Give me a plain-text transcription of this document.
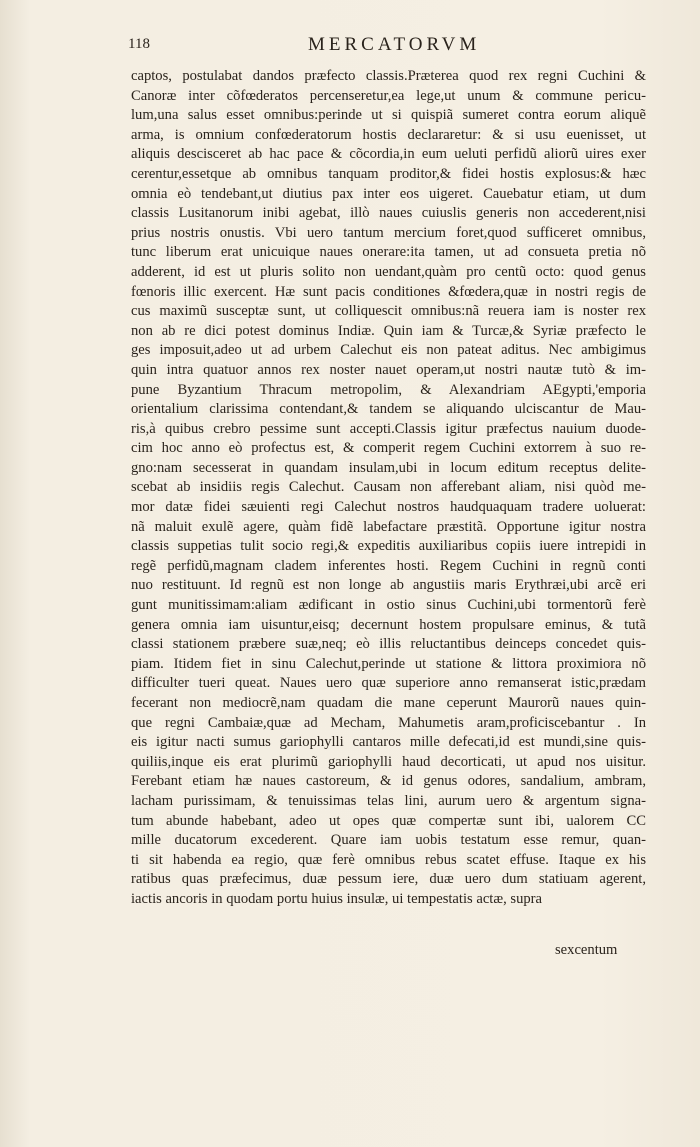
118	MERCATORVM
captos, postulabat dandos præfecto classis.Præterea quod rex regni Cuchini &
Canoræ inter cõfœderatos percenseretur,ea lege,ut unum & commune pericu-
lum,una salus esset omnibus:perinde ut si quispiã sumeret contra eorum aliquẽ
arma, is omnium confœderatorum hostis declararetur: & si usu euenisset, ut
aliquis descisceret ab hac pace & cõcordia,in eum ueluti perfidũ aliorũ uires exer
cerentur,essetque ab omnibus tanquam proditor,& fidei hostis explosus:& hæc
omnia eò tendebant,ut diutius pax inter eos uigeret. Cauebatur etiam, ut dum
classis Lusitanorum inibi agebat, illò naues cuiuslis generis non accederent,nisi
prius nostris onustis. Vbi uero tantum mercium foret,quod sufficeret omnibus,
tunc liberum erat unicuique naues onerare:ita tamen, ut ad consueta pretia nõ
adderent, id est ut pluris solito non uendant,quàm pro centũ octo: quod genus
fœnoris illic exercent. Hæ sunt pacis conditiones &fœdera,quæ in nostri regis de
cus maximũ susceptæ sunt, ut colliquescit omnibus:nã reuera iam is noster rex
non ab re dici potest dominus Indiæ. Quin iam & Turcæ,& Syriæ præfecto le
ges imposuit,adeo ut ad urbem Calechut eis non pateat aditus. Nec ambigimus
quin intra quatuor annos rex noster nauet operam,ut nostri nautæ tutò & im-
pune Byzantium Thracum metropolim, & Alexandriam AEgypti,'emporia
orientalium clarissima contendant,& tandem se aliquando ulciscantur de Mau-
ris,à quibus crebro pessime sunt accepti.Classis igitur præfectus nauium duode-
cim hoc anno eò profectus est, & comperit regem Cuchini extorrem à suo re-
gno:nam secesserat in quandam insulam,ubi in locum editum receptus delite-
scebat ab insidiis regis Calechut. Causam non afferebant aliam, nisi quòd me-
mor datæ fidei sæuienti regi Calechut nostros haudquaquam tradere uoluerat:
nã maluit exulẽ agere, quàm fidẽ labefactare præstitã. Opportune igitur nostra
classis suppetias tulit socio regi,& expeditis auxiliaribus copiis iuere intrepidi in
regẽ perfidũ,magnam cladem inferentes hosti. Regem Cuchini in regnũ conti
nuo restituunt. Id regnũ est non longe ab angustiis maris Erythræi,ubi arcẽ eri
gunt munitissimam:aliam ædificant in ostio sinus Cuchini,ubi tormentorũ ferè
genera omnia iam uisuntur,eisq; decernunt hostem propulsare eminus, & tutã
classi stationem præbere suæ,neq; eò illis reluctantibus deinceps concedet quis-
piam. Itidem fiet in sinu Calechut,perinde ut statione & littora proximiora nõ
difficulter tueri queat. Naues uero quæ superiore anno remanserat istic,prædam
fecerant non mediocrẽ,nam quadam die mane ceperunt Maurorũ naues quin-
que regni Cambaiæ,quæ ad Mecham, Mahumetis aram,proficiscebantur . In
eis igitur nacti sumus gariophylli cantaros mille defecati,id est mundi,sine quis-
quiliis,inque eis erat plurimũ gariophylli haud decorticati, ut apud nos uisitur.
Ferebant etiam hæ naues castoreum, & id genus odores, sandalium, ambram,
lacham purissimam, & tenuissimas telas lini, aurum uero & argentum signa-
tum abunde habebant, adeo ut opes quæ compertæ sunt ibi, ualorem CC
mille ducatorum excederent. Quare iam uobis testatum esse remur, quan-
ti sit habenda ea regio, quæ ferè omnibus rebus scatet effuse. Itaque ex his
ratibus quas præfecimus, duæ pessum iere, duæ uero dum statiuam agerent,
iactis ancoris in quodam portu huius insulæ, ui tempestatis actæ, supra
sexcentum
